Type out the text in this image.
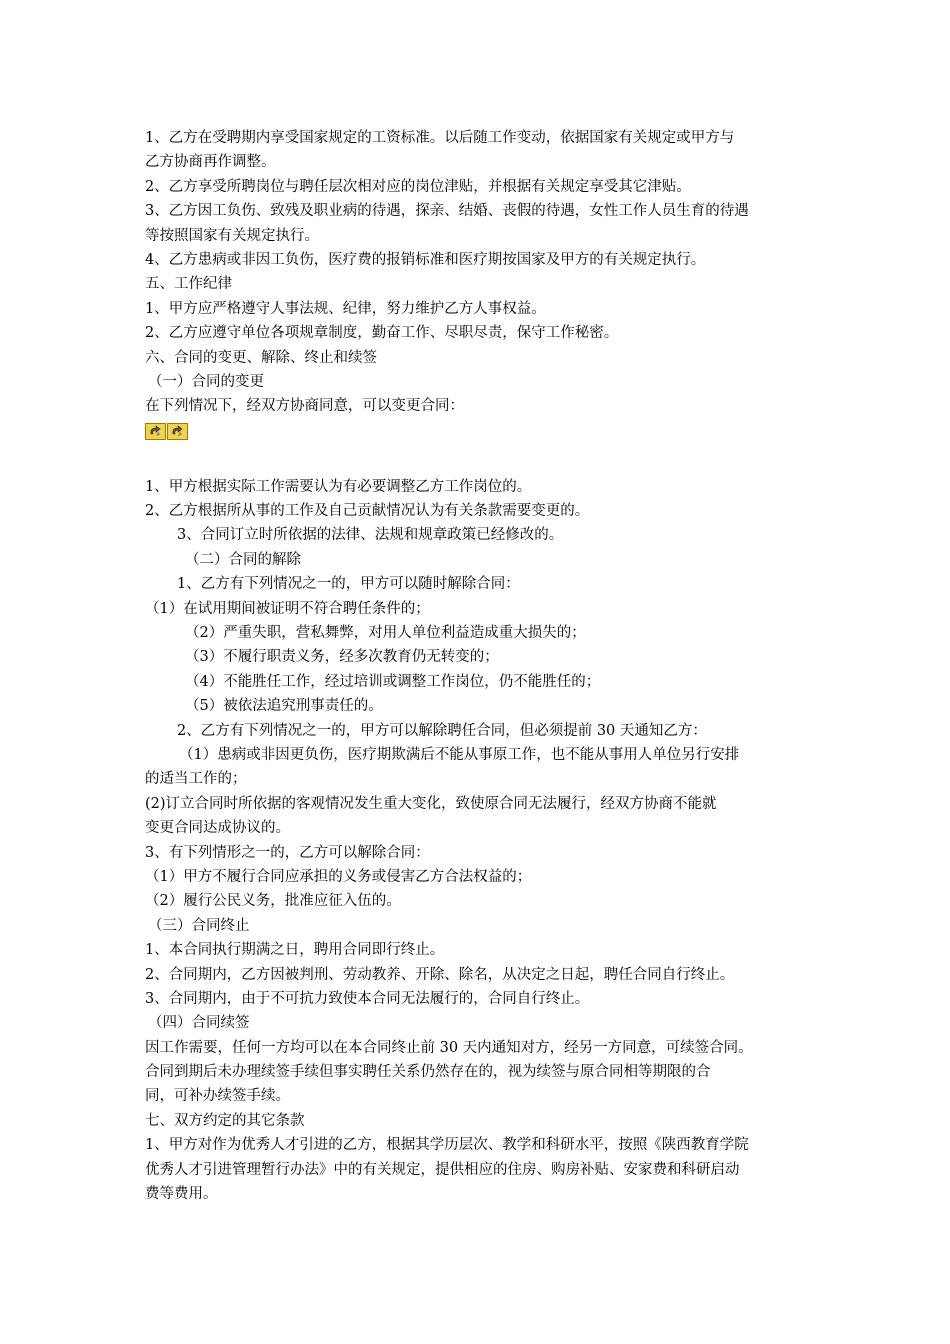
1、乙方在受聘期内享受国家规定的工资标准。以后随工作变动，依据国家有关规定或甲方与
乙方协商再作调整。
2、乙方享受所聘岗位与聘任层次相对应的岗位津贴，并根据有关规定享受其它津贴。
3、乙方因工负伤、致残及职业病的待遇，探亲、结婚、丧假的待遇，女性工作人员生育的待遇
等按照国家有关规定执行。
4、乙方患病或非因工负伤，医疗费的报销标准和医疗期按国家及甲方的有关规定执行。
五、工作纪律
1、甲方应严格遵守人事法规、纪律，努力维护乙方人事权益。
2、乙方应遵守单位各项规章制度，勤奋工作、尽职尽责，保守工作秘密。
六、合同的变更、解除、终止和续签
（一）合同的变更
在下列情况下，经双方协商同意，可以变更合同：
1、甲方根据实际工作需要认为有必要调整乙方工作岗位的。
2、乙方根据所从事的工作及自己贡献情况认为有关条款需要变更的。
3、合同订立时所依据的法律、法规和规章政策已经修改的。
（二）合同的解除
1、乙方有下列情况之一的，甲方可以随时解除合同：
（1）在试用期间被证明不符合聘任条件的；
（2）严重失职，营私舞弊，对用人单位利益造成重大损失的；
（3）不履行职责义务，经多次教育仍无转变的；
（4）不能胜任工作，经过培训或调整工作岗位，仍不能胜任的；
（5）被依法追究刑事责任的。
2、乙方有下列情况之一的，甲方可以解除聘任合同，但必须提前 30 天通知乙方：
（1）患病或非因更负伤，医疗期欺满后不能从事原工作，也不能从事用人单位另行安排
的适当工作的；
(2)订立合同时所依据的客观情况发生重大变化，致使原合同无法履行，经双方协商不能就
变更合同达成协议的。
3、有下列情形之一的，乙方可以解除合同：
（1）甲方不履行合同应承担的义务或侵害乙方合法权益的；
（2）履行公民义务，批准应征入伍的。
（三）合同终止
1、本合同执行期满之日，聘用合同即行终止。
2、合同期内，乙方因被判刑、劳动教养、开除、除名，从决定之日起，聘任合同自行终止。
3、合同期内，由于不可抗力致使本合同无法履行的，合同自行终止。
（四）合同续签
因工作需要，任何一方均可以在本合同终止前 30 天内通知对方，经另一方同意，可续签合同。
合同到期后未办理续签手续但事实聘任关系仍然存在的，视为续签与原合同相等期限的合
同，可补办续签手续。
七、双方约定的其它条款
1、甲方对作为优秀人才引进的乙方，根据其学历层次、教学和科研水平，按照《陕西教育学院
优秀人才引进管理暂行办法》中的有关规定，提供相应的住房、购房补贴、安家费和科研启动
费等费用。
